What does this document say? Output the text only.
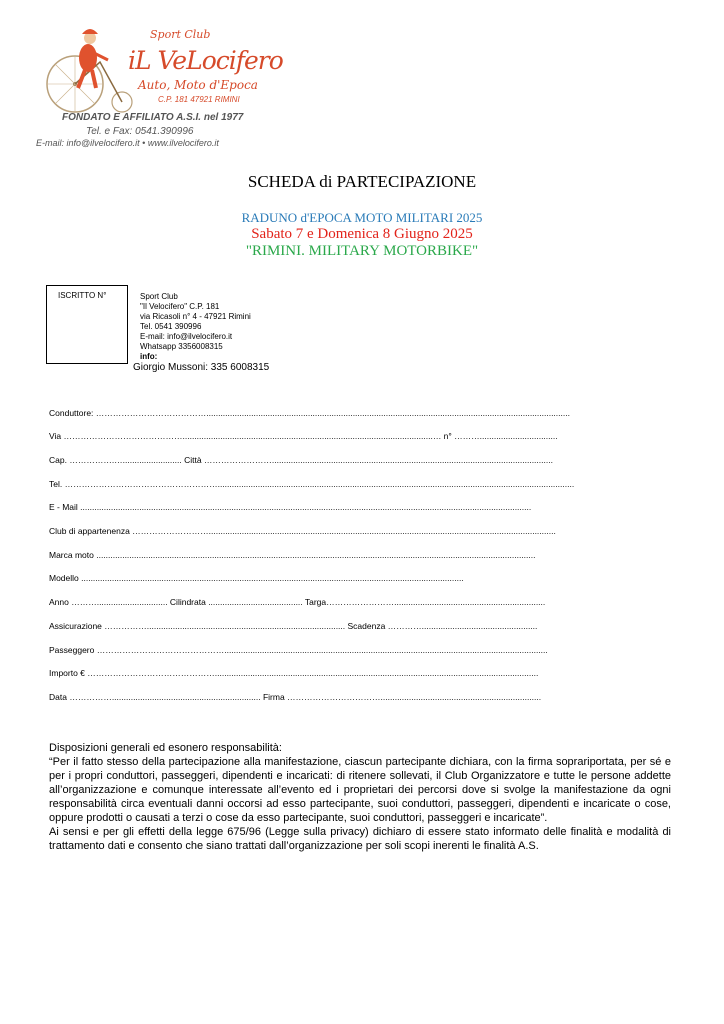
Sport Club
iL VeLocifero
Auto, Moto d'Epoca
C.P. 181 47921 RIMINI
FONDATO E AFFILIATO A.S.I. nel 1977
Tel. e Fax: 0541.390996
E-mail: info@ilvelocifero.it • www.ilvelocifero.it
SCHEDA di PARTECIPAZIONE
RADUNO d'EPOCA MOTO MILITARI 2025
Sabato 7 e Domenica 8 Giugno 2025
"RIMINI. MILITARY MOTORBIKE"
ISCRITTO N°	Sport Club
"Il Velocifero" C.P. 181
via Ricasoli n° 4 - 47921 Rimini
Tel. 0541 390996
E-mail: info@ilvelocifero.it
Whatsapp 3356008315
info:
Giorgio Mussoni: 335 6008315
Conduttore: …………………………………..........................................................................................................................................................
Via ……………………………………..........................................................................................................… n° ……….................................
Cap. …………….…......................... Città …………………….......................................................................................................................
Tel. ……………………………………………….......................................................................................................................................................
E - Mail ...............................................................................................................................................................................................
Club di appartenenza ………………………...................................................................................................................................................
Marca moto ..........................................................................................................................................................................................
Modello ..................................................................................................................................................................
Anno ……….............................. Cilindrata ........................................ Targa……………………................................................................
Assicurazione …………….................................................................................... Scadenza ………….................................................
Passeggero ……………………………………….........................................................................................................................................
Importo € ……………………………………….........................................................................................................................................
Data ……………............................................................... Firma ……………………………....................................................................

Disposizioni generali ed esonero responsabilità:

“Per il fatto stesso della partecipazione alla manifestazione, ciascun partecipante dichiara, con la firma soprariportata, per sé e per i propri conduttori, passeggeri, dipendenti e incaricati: di ritenere sollevati, il Club Organizzatore e tutte le persone addette all’organizzazione e comunque interessate all’evento ed i proprietari dei percorsi dove si svolge la manifestazione da ogni responsabilità circa eventuali danni occorsi ad esso partecipante, suoi conduttori, passeggeri, dipendenti e incaricate o cose, oppure prodotti o causati a terzi o cose da esso partecipante, suoi conduttori, passeggeri e incaricate”.

Ai sensi e per gli effetti della legge 675/96 (Legge sulla privacy) dichiaro di essere stato informato delle finalità e modalità di trattamento dati e consento che siano trattati dall’organizzazione per soli scopi inerenti le finalità A.S.
